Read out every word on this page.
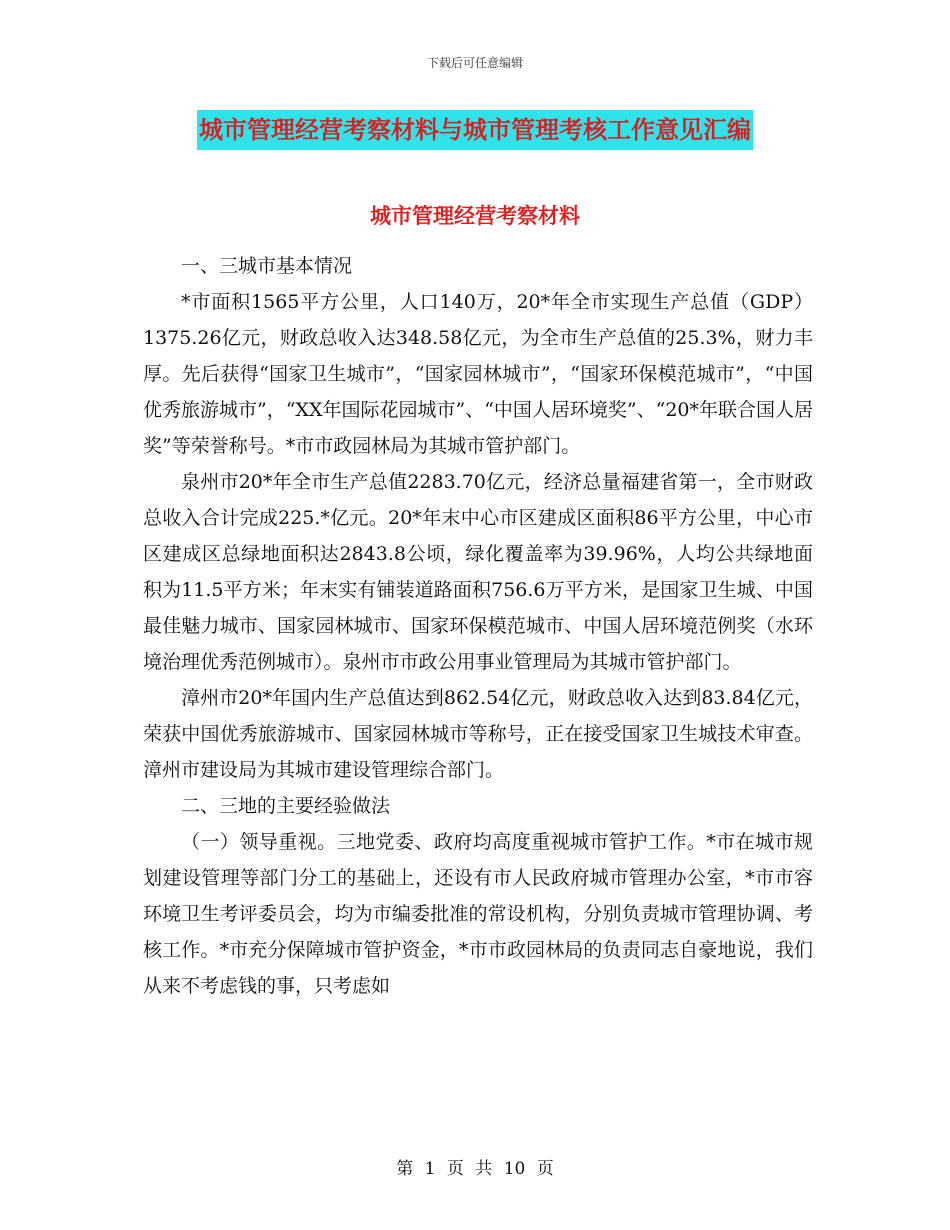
下载后可任意编辑
城市管理经营考察材料与城市管理考核工作意见汇编
城市管理经营考察材料

一、三城市基本情况

*市面积1565平方公里，人口140万，20*年全市实现生产总值（GDP）1375.26亿元，财政总收入达348.58亿元，为全市生产总值的25.3%，财力丰厚。先后获得“国家卫生城市”，“国家园林城市”，“国家环保模范城市”，“中国优秀旅游城市”，“XX年国际花园城市”、“中国人居环境奖”、“20*年联合国人居奖”等荣誉称号。*市市政园林局为其城市管护部门。

泉州市20*年全市生产总值2283.70亿元，经济总量福建省第一，全市财政总收入合计完成225.*亿元。20*年末中心市区建成区面积86平方公里，中心市区建成区总绿地面积达2843.8公顷，绿化覆盖率为39.96%，人均公共绿地面积为11.5平方米；年末实有铺装道路面积756.6万平方米，是国家卫生城、中国最佳魅力城市、国家园林城市、国家环保模范城市、中国人居环境范例奖（水环境治理优秀范例城市）。泉州市市政公用事业管理局为其城市管护部门。

漳州市20*年国内生产总值达到862.54亿元，财政总收入达到83.84亿元，荣获中国优秀旅游城市、国家园林城市等称号，正在接受国家卫生城技术审查。漳州市建设局为其城市建设管理综合部门。

二、三地的主要经验做法

（一）领导重视。三地党委、政府均高度重视城市管护工作。*市在城市规划建设管理等部门分工的基础上，还设有市人民政府城市管理办公室，*市市容环境卫生考评委员会，均为市编委批准的常设机构，分别负责城市管理协调、考核工作。*市充分保障城市管护资金，*市市政园林局的负责同志自豪地说，我们从来不考虑钱的事，只考虑如

第 1 页 共 10 页
